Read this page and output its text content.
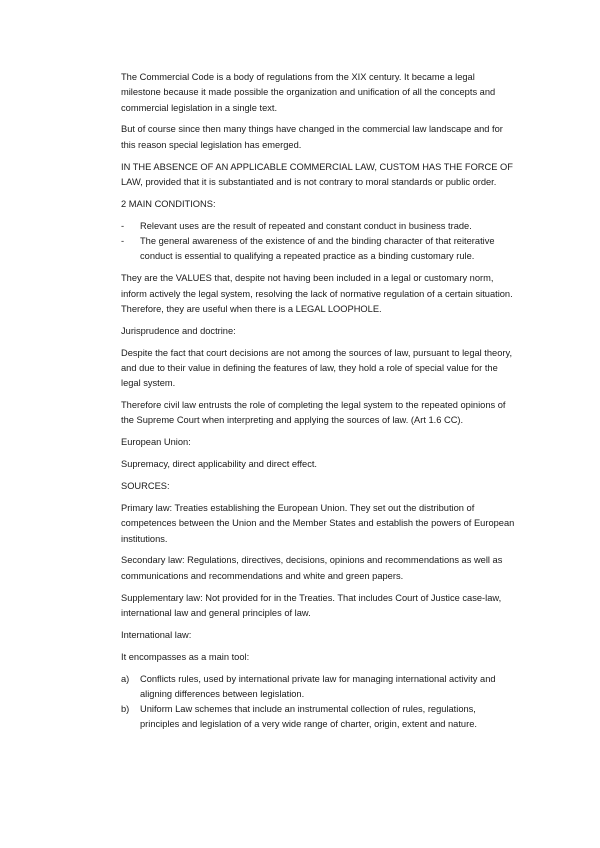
The Commercial Code is a body of regulations from the XIX century. It became a legal milestone because it made possible the organization and unification of all the concepts and commercial legislation in a single text.

But of course since then many things have changed in the commercial law landscape and for this reason special legislation has emerged.

IN THE ABSENCE OF AN APPLICABLE COMMERCIAL LAW, CUSTOM HAS THE FORCE OF LAW, provided that it is substantiated and is not contrary to moral standards or public order.

2 MAIN CONDITIONS:

- Relevant uses are the result of repeated and constant conduct in business trade.
- The general awareness of the existence of and the binding character of that reiterative conduct is essential to qualifying a repeated practice as a binding customary rule.

They are the VALUES that, despite not having been included in a legal or customary norm, inform actively the legal system, resolving the lack of normative regulation of a certain situation. Therefore, they are useful when there is a LEGAL LOOPHOLE.

Jurisprudence and doctrine:

Despite the fact that court decisions are not among the sources of law, pursuant to legal theory, and due to their value in defining the features of law, they hold a role of special value for the legal system.

Therefore civil law entrusts the role of completing the legal system to the repeated opinions of the Supreme Court when interpreting and applying the sources of law. (Art 1.6 CC).

European Union:

Supremacy, direct applicability and direct effect.

SOURCES:

Primary law: Treaties establishing the European Union. They set out the distribution of competences between the Union and the Member States and establish the powers of European institutions.

Secondary law: Regulations, directives, decisions, opinions and recommendations as well as communications and recommendations and white and green papers.

Supplementary law: Not provided for in the Treaties. That includes Court of Justice case-law, international law and general principles of law.

International law:

It encompasses as a main tool:

a) Conflicts rules, used by international private law for managing international activity and aligning differences between legislation.
b) Uniform Law schemes that include an instrumental collection of rules, regulations, principles and legislation of a very wide range of charter, origin, extent and nature.
